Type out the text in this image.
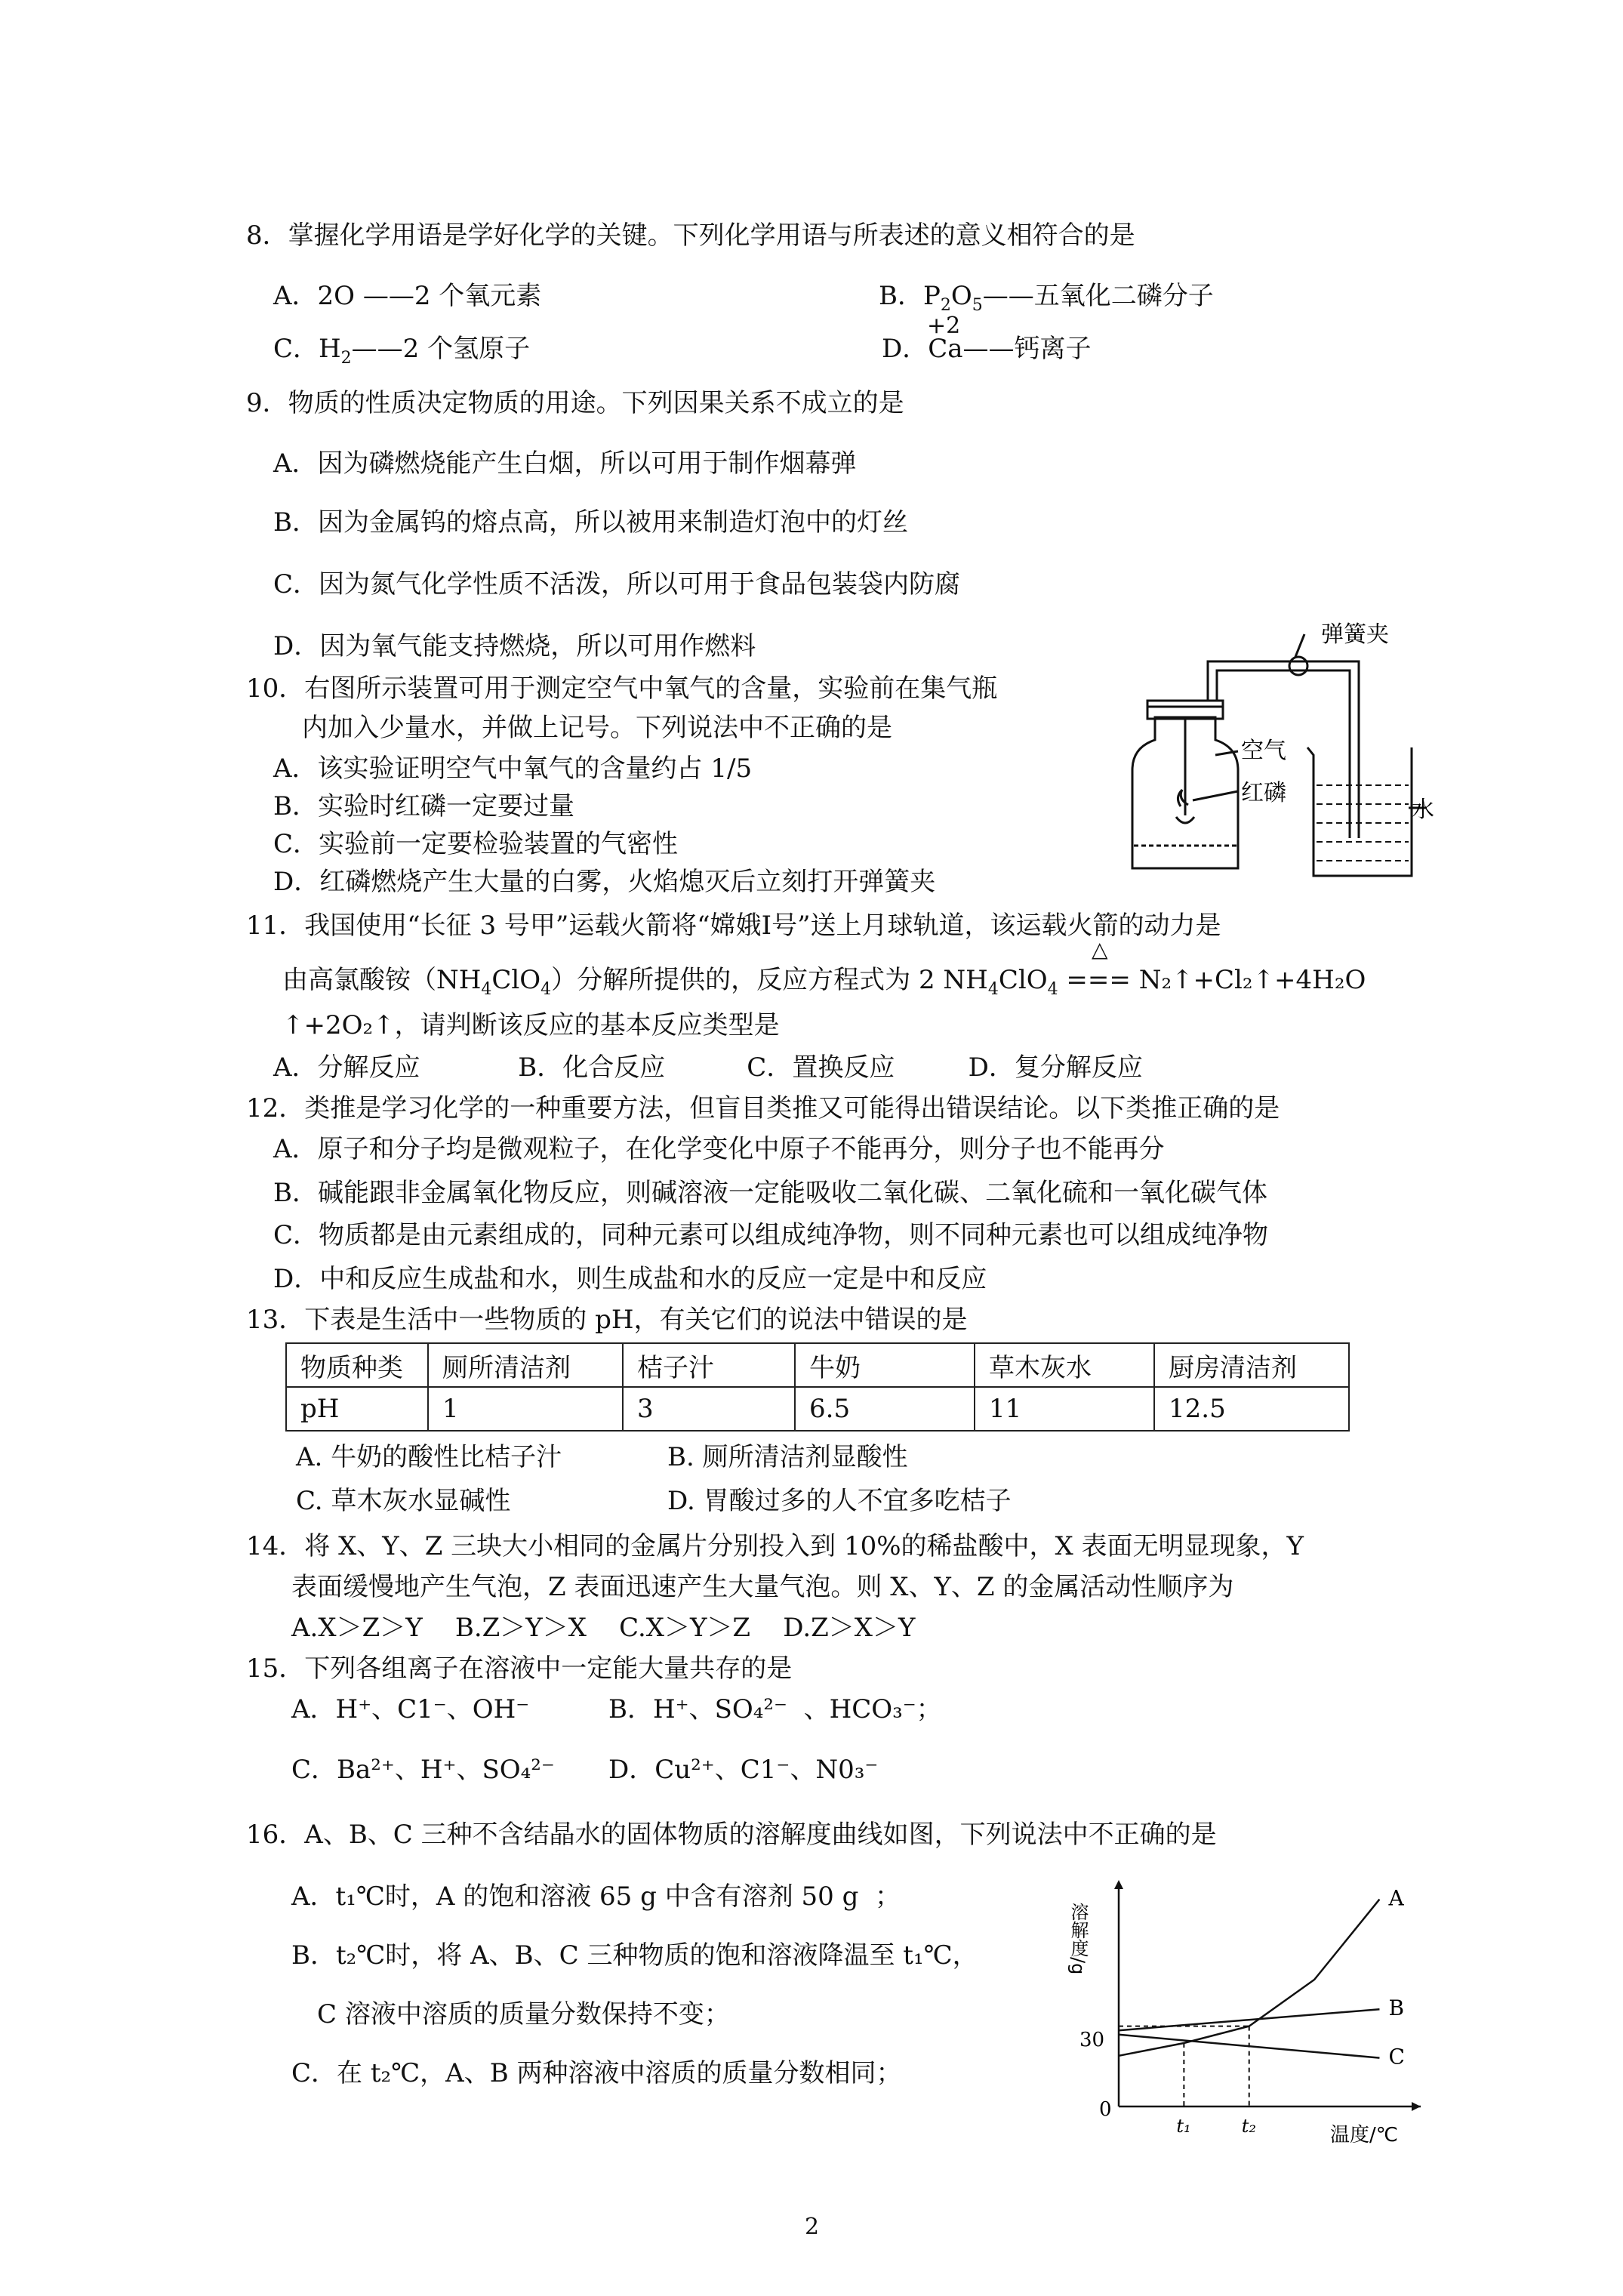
8．掌握化学用语是学好化学的关键。下列化学用语与所表述的意义相符合的是
A．2O ——2 个氧元素	B．$P_2O_5——$五氧化二磷分子
+2
C．$H_2——2$ 个氢原子	D．Ca——钙离子
9．物质的性质决定物质的用途。下列因果关系不成立的是
A．因为磷燃烧能产生白烟，所以可用于制作烟幕弹
B．因为金属钨的熔点高，所以被用来制造灯泡中的灯丝
C．因为氮气化学性质不活泼，所以可用于食品包装袋内防腐
D．因为氧气能支持燃烧，所以可用作燃料
10．右图所示装置可用于测定空气中氧气的含量，实验前在集气瓶
内加入少量水，并做上记号。下列说法中不正确的是
A．该实验证明空气中氧气的含量约占 1/5
B．实验时红磷一定要过量
C．实验前一定要检验装置的气密性
D．红磷燃烧产生大量的白雾，火焰熄灭后立刻打开弹簧夹
弹簧夹
空气
红磷
水
11．我国使用“长征 3 号甲”运载火箭将“嫦娥Ⅰ号”送上月球轨道，该运载火箭的动力是
△
由高氯酸铵$(NH_4ClO_4)$分解所提供的，反应方程式为 2 $NH_4ClO_4$ === N₂↑+Cl₂↑+4H₂O
↑+2O₂↑，请判断该反应的基本反应类型是
A．分解反应            B．化合反应          C．置换反应         D．复分解反应
12．类推是学习化学的一种重要方法，但盲目类推又可能得出错误结论。以下类推正确的是
A．原子和分子均是微观粒子，在化学变化中原子不能再分，则分子也不能再分
B．碱能跟非金属氧化物反应，则碱溶液一定能吸收二氧化碳、二氧化硫和一氧化碳气体
C．物质都是由元素组成的，同种元素可以组成纯净物，则不同种元素也可以组成纯净物
D．中和反应生成盐和水，则生成盐和水的反应一定是中和反应
13．下表是生活中一些物质的 pH，有关它们的说法中错误的是
物质种类	厕所清洁剂	桔子汁	牛奶	草木灰水	厨房清洁剂
pH	1	3	6.5	11	12.5
A. 牛奶的酸性比桔子汁	B. 厕所清洁剂显酸性
C. 草木灰水显碱性	D. 胃酸过多的人不宜多吃桔子
14．将 X、Y、Z 三块大小相同的金属片分别投入到 10%的稀盐酸中，X 表面无明显现象，Y
表面缓慢地产生气泡，Z 表面迅速产生大量气泡。则 X、Y、Z 的金属活动性顺序为
A.X＞Z＞Y    B.Z＞Y＞X    C.X＞Y＞Z    D.Z＞X＞Y
15．下列各组离子在溶液中一定能大量共存的是
A．H⁺、C1⁻、OH⁻	B．H⁺、SO₄²⁻  、HCO₃⁻；
C．Ba²⁺、H⁺、SO₄²⁻ D．Cu²⁺、C1⁻、N0₃⁻
16．A、B、C 三种不含结晶水的固体物质的溶解度曲线如图，下列说法中不正确的是
A．t₁℃时，A 的饱和溶液 65 g 中含有溶剂 50 g  ；
B．t₂℃时，将 A、B、C 三种物质的饱和溶液降温至 t₁℃，
C 溶液中溶质的质量分数保持不变；
C．在 t₂℃，A、B 两种溶液中溶质的质量分数相同；
A
B
C
0
t₁	t₂
30
溶解度/g
温度/℃
2
